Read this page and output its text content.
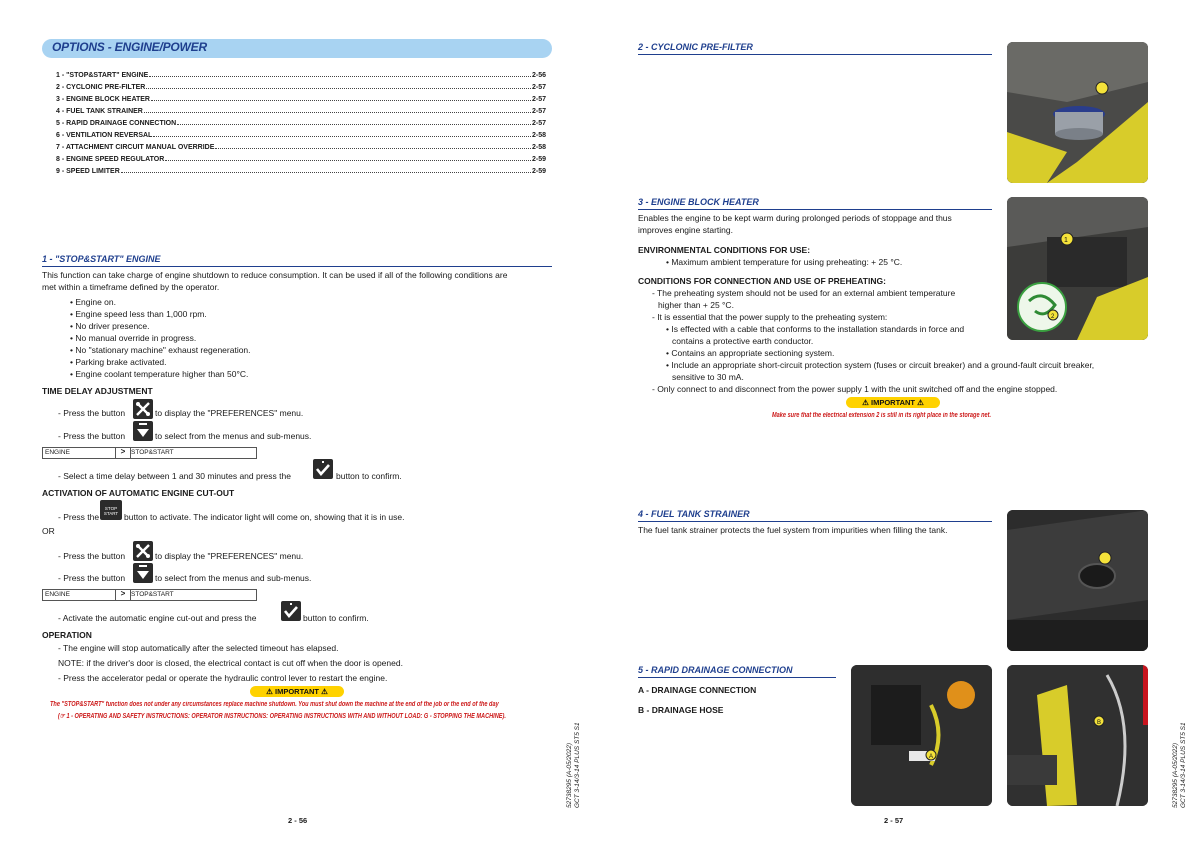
OPTIONS - ENGINE/POWER
1 - "STOP&START" ENGINE	2-56
2 - CYCLONIC PRE-FILTER	2-57
3 - ENGINE BLOCK HEATER	2-57
4 - FUEL TANK STRAINER	2-57
5 - RAPID DRAINAGE CONNECTION	2-57
6 - VENTILATION REVERSAL	2-58
7 - ATTACHMENT CIRCUIT MANUAL OVERRIDE	2-58
8 - ENGINE SPEED REGULATOR	2-59
9 - SPEED LIMITER	2-59
1 - "STOP&START" ENGINE
This function can take charge of engine shutdown to reduce consumption. It can be used if all of the following conditions are
met within a timeframe defined by the operator.
• Engine on.
• Engine speed less than 1,000 rpm.
• No driver presence.
• No manual override in progress.
• No "stationary machine" exhaust regeneration.
• Parking brake activated.
• Engine coolant temperature higher than 50°C.
TIME DELAY ADJUSTMENT
- Press the button	to display the "PREFERENCES" menu.
- Press the button	to select from the menus and sub-menus.
ENGINE	> STOP&START
- Select a time delay between 1 and 30 minutes and press the	button to confirm.
ACTIVATION OF AUTOMATIC ENGINE CUT-OUT
- Press the
STOP
START button to activate. The indicator light will come on, showing that it is in use.
OR
- Press the button	to display the "PREFERENCES" menu.
- Press the button	to select from the menus and sub-menus.
ENGINE	> STOP&START
- Activate the automatic engine cut-out and press the	button to confirm.
OPERATION
- The engine will stop automatically after the selected timeout has elapsed.
NOTE: if the driver's door is closed, the electrical contact is cut off when the door is opened.
- Press the accelerator pedal or operate the hydraulic control lever to restart the engine.
⚠ IMPORTANT ⚠
The "STOP&START" function does not under any circumstances replace machine shutdown. You must shut down the machine at the end of the job or the end of the day
(☞ 1 - OPERATING AND SAFETY INSTRUCTIONS: OPERATOR INSTRUCTIONS: OPERATING INSTRUCTIONS WITH AND WITHOUT LOAD: G - STOPPING THE MACHINE).
52738295 (A-05/2022) GCT 3-14/3-14 PLUS ST5 S1
2 - 56
2 - CYCLONIC PRE-FILTER
3 - ENGINE BLOCK HEATER
Enables the engine to be kept warm during prolonged periods of stoppage and thus
improves engine starting.
ENVIRONMENTAL CONDITIONS FOR USE:
• Maximum ambient temperature for using preheating: + 25 °C.
CONDITIONS FOR CONNECTION AND USE OF PREHEATING:
- The preheating system should not be used for an external ambient temperature
higher than + 25 °C.
- It is essential that the power supply to the preheating system:
• Is effected with a cable that conforms to the installation standards in force and
contains a protective earth conductor.
• Contains an appropriate sectioning system.
• Include an appropriate short-circuit protection system (fuses or circuit breaker) and a ground-fault circuit breaker,
sensitive to 30 mA.
- Only connect to and disconnect from the power supply 1 with the unit switched off and the engine stopped.
1
2
⚠ IMPORTANT ⚠
Make sure that the electrical extension 2 is still in its right place in the storage net.
4 - FUEL TANK STRAINER
The fuel tank strainer protects the fuel system from impurities when filling the tank.
5 - RAPID DRAINAGE CONNECTION
A - DRAINAGE CONNECTION
B - DRAINAGE HOSE
A
B
52738295 (A-05/2022) GCT 3-14/3-14 PLUS ST5 S1
2 - 57
